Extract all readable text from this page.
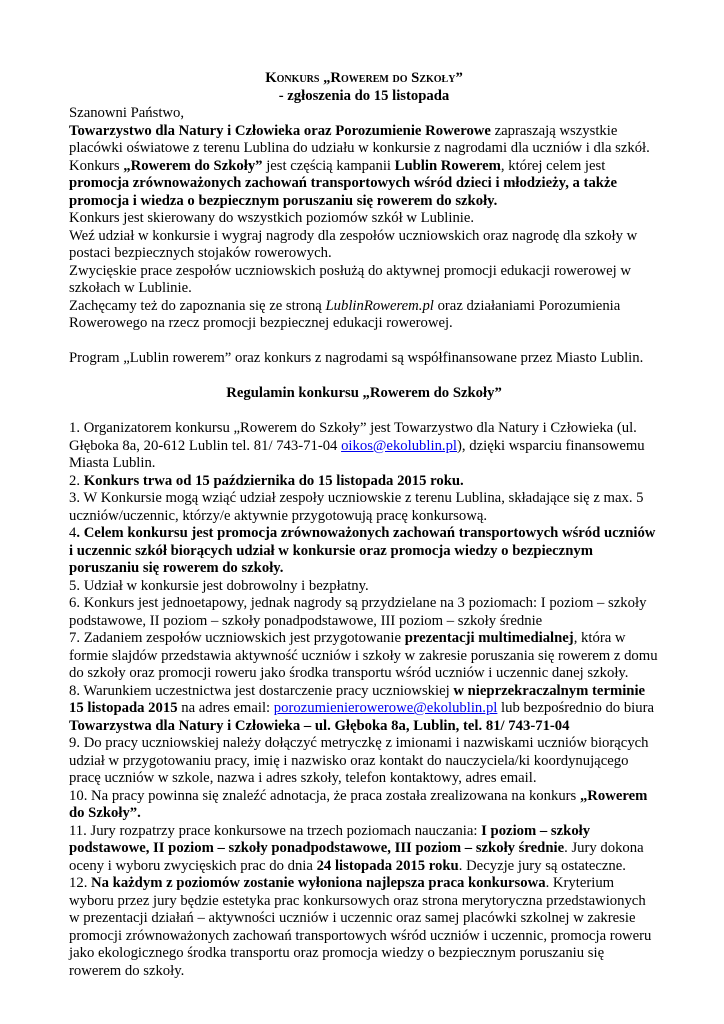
Konkurs „Rowerem do Szkoły”

- zgłoszenia do 15 listopada

Szanowni Państwo,

Towarzystwo dla Natury i Człowieka oraz Porozumienie Rowerowe zapraszają wszystkie placówki oświatowe z terenu Lublina do udziału w konkursie z nagrodami dla uczniów i dla szkół. Konkurs „Rowerem do Szkoły” jest częścią kampanii Lublin Rowerem, której celem jest promocja zrównoważonych zachowań transportowych wśród dzieci i młodzieży, a także promocja i wiedza o bezpiecznym poruszaniu się rowerem do szkoły.

Konkurs jest skierowany do wszystkich poziomów szkół w Lublinie.

Weź udział w konkursie i wygraj nagrody dla zespołów uczniowskich oraz nagrodę dla szkoły w postaci bezpiecznych stojaków rowerowych.

Zwycięskie prace zespołów uczniowskich posłużą do aktywnej promocji edukacji rowerowej w szkołach w Lublinie.

Zachęcamy też do zapoznania się ze stroną LublinRowerem.pl oraz działaniami Porozumienia Rowerowego na rzecz promocji bezpiecznej edukacji rowerowej.

Program „Lublin rowerem” oraz konkurs z nagrodami są współfinansowane przez Miasto Lublin.

Regulamin konkursu „Rowerem do Szkoły”

1. Organizatorem konkursu „Rowerem do Szkoły” jest Towarzystwo dla Natury i Człowieka (ul. Głęboka 8a, 20-612 Lublin tel. 81/ 743-71-04 oikos@ekolublin.pl), dzięki wsparciu finansowemu Miasta Lublin.

2. Konkurs trwa od 15 października do 15 listopada 2015 roku.

3. W Konkursie mogą wziąć udział zespoły uczniowskie z terenu Lublina, składające się z max. 5 uczniów/uczennic, którzy/e aktywnie przygotowują pracę konkursową.

4. Celem konkursu jest promocja zrównoważonych zachowań transportowych wśród uczniów i uczennic szkół biorących udział w konkursie oraz promocja wiedzy o bezpiecznym poruszaniu się rowerem do szkoły.

5. Udział w konkursie jest dobrowolny i bezpłatny.

6. Konkurs jest jednoetapowy, jednak nagrody są przydzielane na 3 poziomach: I poziom – szkoły podstawowe, II poziom – szkoły ponadpodstawowe, III poziom – szkoły średnie

7. Zadaniem zespołów uczniowskich jest przygotowanie prezentacji multimedialnej, która w formie slajdów przedstawia aktywność uczniów i szkoły w zakresie poruszania się rowerem z domu do szkoły oraz promocji roweru jako środka transportu wśród uczniów i uczennic danej szkoły.

8. Warunkiem uczestnictwa jest dostarczenie pracy uczniowskiej w nieprzekraczalnym terminie 15 listopada 2015 na adres email: porozumienierowerowe@ekolublin.pl lub bezpośrednio do biura Towarzystwa dla Natury i Człowieka – ul. Głęboka 8a, Lublin, tel. 81/ 743-71-04

9. Do pracy uczniowskiej należy dołączyć metryczkę z imionami i nazwiskami uczniów biorących udział w przygotowaniu pracy, imię i nazwisko oraz kontakt do nauczyciela/ki koordynującego pracę uczniów w szkole, nazwa i adres szkoły, telefon kontaktowy, adres email.

10. Na pracy powinna się znaleźć adnotacja, że praca została zrealizowana na konkurs „Rowerem do Szkoły”.

11. Jury rozpatrzy prace konkursowe na trzech poziomach nauczania: I poziom – szkoły podstawowe, II poziom – szkoły ponadpodstawowe, III poziom – szkoły średnie. Jury dokona oceny i wyboru zwycięskich prac do dnia 24 listopada 2015 roku. Decyzje jury są ostateczne.

12. Na każdym z poziomów zostanie wyłoniona najlepsza praca konkursowa. Kryterium wyboru przez jury będzie estetyka prac konkursowych oraz strona merytoryczna przedstawionych w prezentacji działań – aktywności uczniów i uczennic oraz samej placówki szkolnej w zakresie promocji zrównoważonych zachowań transportowych wśród uczniów i uczennic, promocja roweru jako ekologicznego środka transportu oraz promocja wiedzy o bezpiecznym poruszaniu się rowerem do szkoły.
